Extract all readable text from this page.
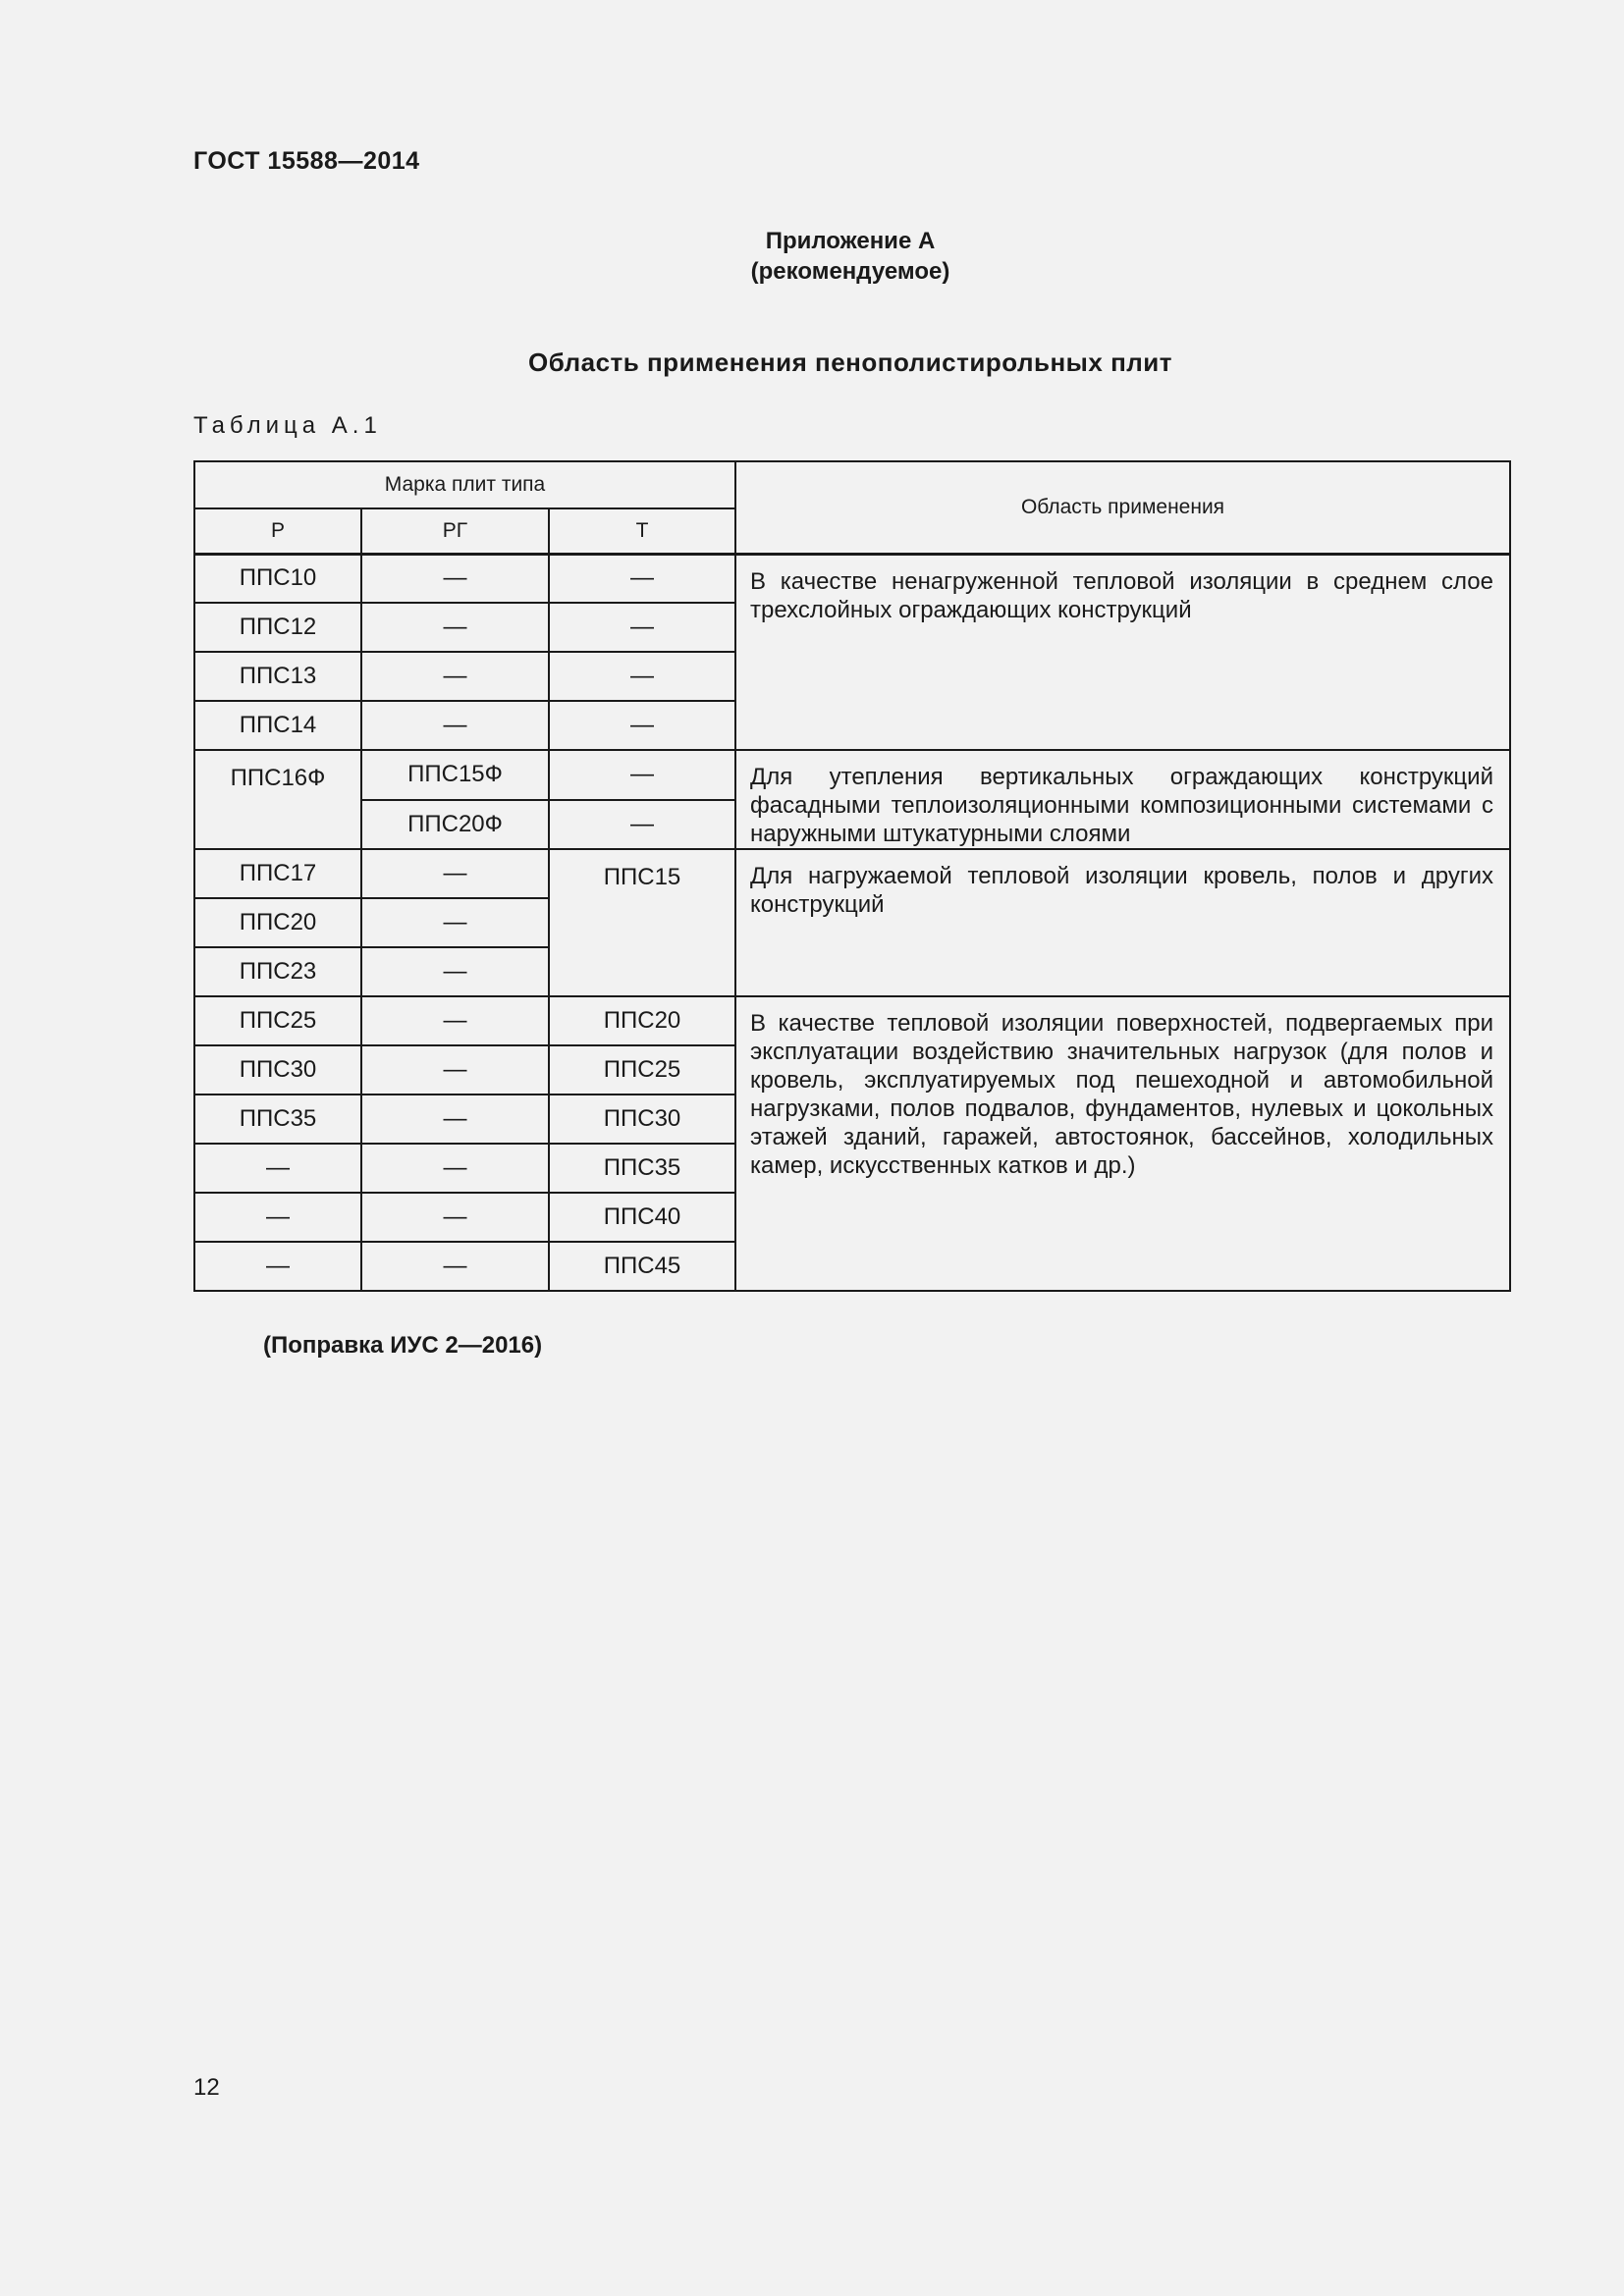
ГОСТ 15588—2014
Приложение А
(рекомендуемое)
Область применения пенополистирольных плит
Таблица А.1
Марка плит типа			Область применения
Р	РГ	Т	
ППС10	—	—	В качестве ненагруженной тепловой изоляции в среднем слое трехслойных ограждающих конструкций
ППС12	—	—	
ППС13	—	—	
ППС14	—	—	
ППС16Ф	ППС15Ф	—	Для утепления вертикальных ограждающих конструкций фасадными теплоизоляционными композиционными системами с наружными штукатурными слоями
	ППС20Ф	—	
ППС17	—	ППС15	Для нагружаемой тепловой изоляции кровель, полов и других конструкций
ППС20	—		
ППС23	—		
ППС25	—	ППС20	В качестве тепловой изоляции поверхностей, подвергаемых при эксплуатации воздействию значительных нагрузок (для полов и кровель, эксплуатируемых под пешеходной и автомобильной нагрузками, полов подвалов, фундаментов, нулевых и цокольных этажей зданий, гаражей, автостоянок, бассейнов, холодильных камер, искусственных катков и др.)
ППС30	—	ППС25	
ППС35	—	ППС30	
—	—	ППС35	
—	—	ППС40	
—	—	ППС45	
(Поправка ИУС 2—2016)
12
